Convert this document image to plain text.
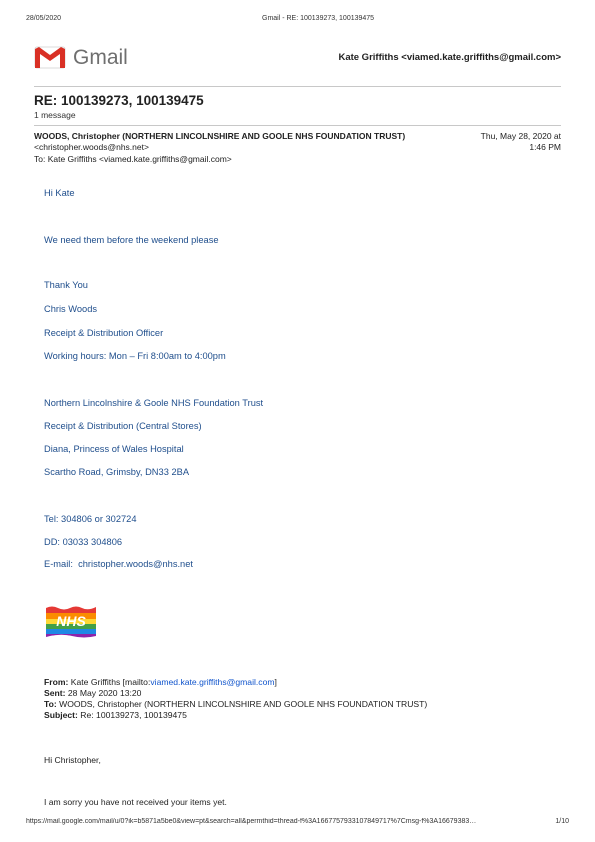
28/05/2020	Gmail - RE: 100139273, 100139475
Gmail	Kate Griffiths <viamed.kate.griffiths@gmail.com>
RE: 100139273, 100139475
1 message
WOODS, Christopher (NORTHERN LINCOLNSHIRE AND GOOLE NHS FOUNDATION TRUST) <christopher.woods@nhs.net>
Thu, May 28, 2020 at
1:46 PM
To: Kate Griffiths <viamed.kate.griffiths@gmail.com>
Hi Kate
We need them before the weekend please
Thank You
Chris Woods
Receipt & Distribution Officer
Working hours: Mon – Fri 8:00am to 4:00pm
Northern Lincolnshire & Goole NHS Foundation Trust
Receipt & Distribution (Central Stores)
Diana, Princess of Wales Hospital
Scartho Road, Grimsby, DN33 2BA
Tel: 304806 or 302724
DD: 03033 304806
E-mail: christopher.woods@nhs.net
NHS
From: Kate Griffiths [mailto:viamed.kate.griffiths@gmail.com]
Sent: 28 May 2020 13:20
To: WOODS, Christopher (NORTHERN LINCOLNSHIRE AND GOOLE NHS FOUNDATION TRUST)
Subject: Re: 100139273, 100139475
Hi Christopher,
I am sorry you have not received your items yet.
https://mail.google.com/mail/u/0?ik=b5871a5be0&view=pt&search=all&permthid=thread-f%3A1667757933107849717%7Cmsg-f%3A16679383…	1/10
